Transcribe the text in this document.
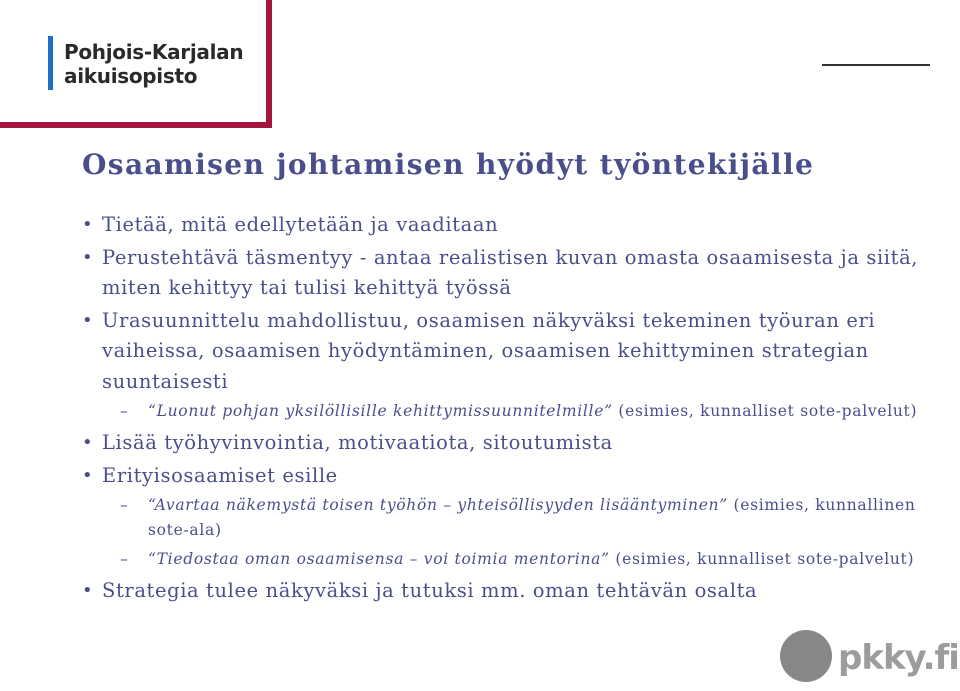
Pohjois-Karjalan
aikuisopisto
Osaamisen johtamisen hyödyt työntekijälle
• Tietää, mitä edellytetään ja vaaditaan
• Perustehtävä täsmentyy - antaa realistisen kuvan omasta osaamisesta ja siitä, miten kehittyy tai tulisi kehittyä työssä
• Urasuunnittelu mahdollistuu, osaamisen näkyväksi tekeminen työuran eri vaiheissa, osaamisen hyödyntäminen, osaamisen kehittyminen strategian suuntaisesti
– “Luonut pohjan yksilöllisille kehittymissuunnitelmille” (esimies, kunnalliset sote-palvelut)
• Lisää työhyvinvointia, motivaatiota, sitoutumista
• Erityisosaamiset esille
– “Avartaa näkemystä toisen työhön – yhteisöllisyyden lisääntyminen” (esimies, kunnallinen sote-ala)
– “Tiedostaa oman osaamisensa – voi toimia mentorina” (esimies, kunnalliset sote-palvelut)
• Strategia tulee näkyväksi ja tutuksi mm. oman tehtävän osalta
pkky.fi
